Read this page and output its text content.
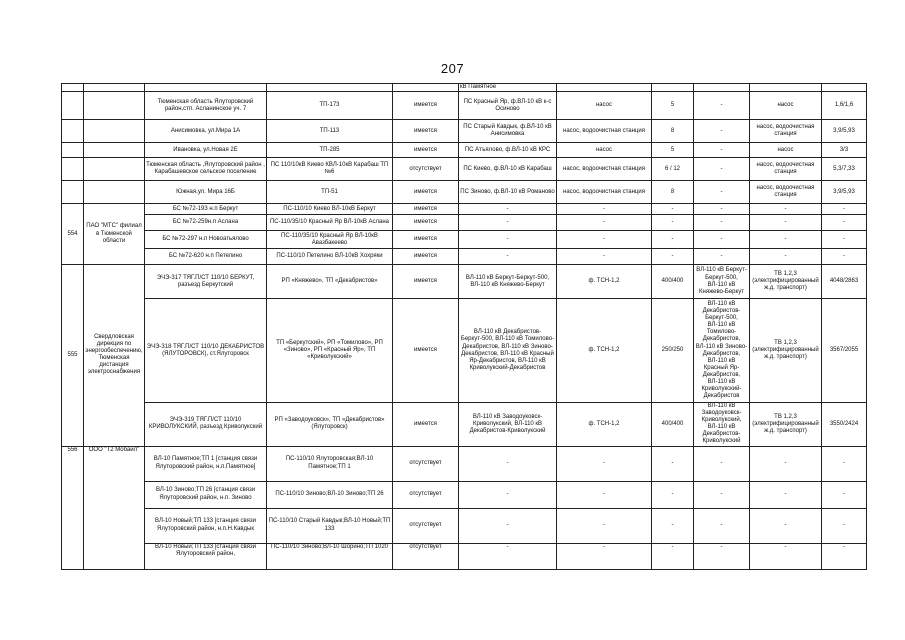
207
					кВ Памятное					
		Тюменская область Ялуторовский район,стп. Асланинское уч. 7	ТП-173	имеется	ПС Красный Яр, ф.ВЛ-10 кВ к-с Осиново	насос	5	-	насос	1,6/1,6
		Анисимовка, ул.Мира 1А	ТП-113	имеется	ПС Старый Кавдык, ф.ВЛ-10 кВ Анисимовка	насос, водоочистная станция	8	-	насос, водоочистная станция	3,9/5,93
		Ивановка, ул.Новая 2Е	ТП-285	имеется	ПС Атъялово, ф.ВЛ-10 кВ КРС	насос	5	-	насос	3/3
		Тюменская область ,Ялуторовский район , Карабашевское сельское поселение	ПС 110/10кВ Киево КВЛ-10кВ Карабаш ТП №6	отсутствует	ПС Киево, ф.ВЛ-10 кВ Карабаш	насос, водоочистная станция	6 / 12	-	насос, водоочистная станция	5,3/7,33
		Южная,ул. Мира 16Б	ТП-51	имеется	ПС Зиново, ф.ВЛ-10 кВ Романово	насос, водоочистная станция	8	-	насос, водоочистная станция	3,9/5,93
554	ПАО "МТС" филиал в Тюменской области	БС №72-193 н.п Беркут	ПС-110/10 Киево ВЛ-10кВ Беркут	имеется	-	-	-	-	-	-
		БС №72-259н.п Аслана	ПС-110/35/10 Красный Яр ВЛ-10кВ Аслана	имеется	-	-	-	-	-	-
		БС №72-297 н.п Новоатьялово	ПС-110/35/10 Красный Яр ВЛ-10кВ Авазбакеево	имеется	-	-	-	-	-	-
		БС №72-620 н.п Петелино	ПС-110/10 Петелино ВЛ-10кВ Хохряки	имеется	-	-	-	-	-	-
555	Свердловская дирекция по энергообеспечению, Тюменская дистанция электроснабжения	ЭЧЭ-317 ТЯГ.П/СТ 110/10 БЕРКУТ, разъезд Беркутский	РП «Княжево», ТП «Декабристов»	имеется	ВЛ-110 кВ Беркут-Беркут-500, ВЛ-110 кВ Княжево-Беркут	ф. ТСН-1,2	400/400	ВЛ-110 кВ Беркут-Беркут-500, ВЛ-110 кВ Княжево-Беркут	ТВ 1,2,3 (электрифицированный ж.д. транспорт)	4048/2863
		ЭЧЭ-318 ТЯГ.П/СТ 110/10 ДЕКАБРИСТОВ (ЯЛУТОРОВСК), ст.Ялуторовск	ТП «Беркутский», РП «Томилово», РП «Зиново», РП «Красный Яр», ТП «Криволукский»	имеется	ВЛ-110 кВ Декабристов-Беркут-500, ВЛ-110 кВ Томилово-Декабристов, ВЛ-110 кВ Зиново-Декабристов, ВЛ-110 кВ Красный Яр-Декабристов, ВЛ-110 кВ Криволукский-Декабристов	ф. ТСН-1,2	250/250	ВЛ-110 кВ Декабристов-Беркут-500, ВЛ-110 кВ Томилово-Декабристов, ВЛ-110 кВ Зиново-Декабристов, ВЛ-110 кВ Красный Яр-Декабристов, ВЛ-110 кВ Криволукский-Декабристов	ТВ 1,2,3 (электрифицированный ж.д. транспорт)	3567/2055
		ЭЧЭ-319 ТЯГ.П/СТ 110/10 КРИВОЛУКСКИЙ, разъезд Криволукский	РП «Заводоуковск», ТП «Декабристов» (Ялуторовск)	имеется	ВЛ-110 кВ Заводоуковск-Криволукский, ВЛ-110 кВ Декабристов-Криволукский	ф. ТСН-1,2	400/400	ВЛ-110 кВ Заводоуковск-Криволукский, ВЛ-110 кВ Декабристов-Криволукский	ТВ 1,2,3 (электрифицированный ж.д. транспорт)	3550/2424
556	ООО "Т2 Мобайл"	ВЛ-10 Памятное;ТП 1 [станция связи Ялуторовский район, н.п.Памятное]	ПС-110/10 Ялуторовская;ВЛ-10 Памятное;ТП 1	отсутствует	-	-	-	-	-	-
		ВЛ-10 Зиново;ТП 26 [станция связи Ялуторовский район, н.п. Зиново	ПС-110/10 Зиново;ВЛ-10 Зиново;ТП 26	отсутствует	-	-	-	-	-	-
		ВЛ-10 Новый;ТП 133 [станция связи Ялуторовский район, н.п.Н.Кавдык	ПС-110/10 Старый Кавдык;ВЛ-10 Новый;ТП 133	отсутствует	-	-	-	-	-	-
		ВЛ-10 Новый;ТП 133 [станция связи Ялуторовский район,	ПС-110/10 Зиново;ВЛ-10 Шорино;ТП 1020	отсутствует	-	-	-	-	-	-
